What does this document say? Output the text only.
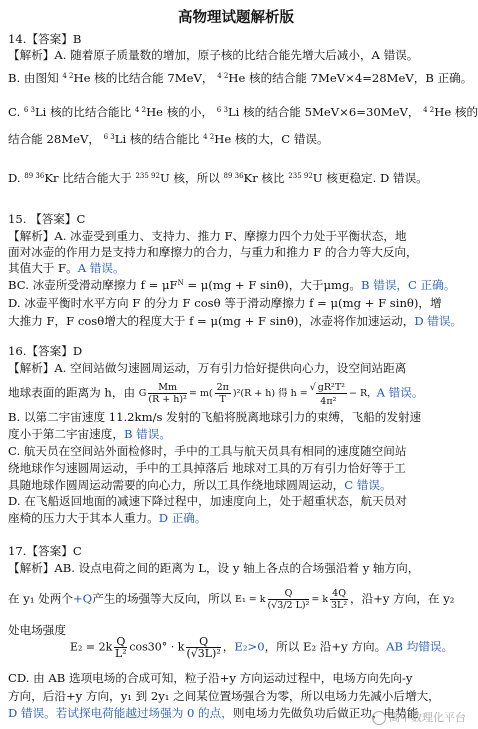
高物理试题解析版
14.【答案】B
【解析】A. 随着原子质量数的增加，原子核的比结合能先增大后减小，A 错误。
B. 由图知 $^{4 2}$He 核的比结合能 7MeV， $^{4 2}$He 核的结合能 7MeV×4=28MeV，B 正确。
C. $^{6 3}$Li 核的比结合能比 $^{4 2}$He 核的小， $^{6 3}$Li 核的结合能 5MeV×6=30MeV， $^{4 2}$He 核的
结合能 28MeV， $^{6 3}$Li 核的结合能比 $^{4 2}$He 核的大，C 错误。
D. $^{89 36}$Kr 比结合能大于 $^{235 92}$U 核，所以 $^{89 36}$Kr 核比 $^{235 92}$U 核更稳定. D 错误。
15. 【答案】C
【解析】A. 冰壶受到重力、支持力、推力 F、摩擦力四个力处于平衡状态，地
面对冰壶的作用力是支持力和摩擦力的合力，与重力和推力 F 的合力等大反向，
其值大于 F。A 错误。
BC. 冰壶所受滑动摩擦力 $f = \mu F^N = \mu(mg + F$ sinθ)，大于μmg。B 错误，C 正确。
D. 冰壶平衡时水平方向 F 的分力 F cosθ 等于滑动摩擦力 f = μ(mg + F sinθ)，增
大推力 F，F cosθ增大的程度大于 f = μ(mg + F sinθ)，冰壶将作加速运动，D 错误。
16.【答案】D
【解析】A. 空间站做匀速圆周运动，万有引力恰好提供向心力，设空间站距离
地球表面的距离为 h，由 G $\frac{Mm}{\text{(R + h)²}} = m( \frac{2\pi}{T} )^2(R + h)$ 得 h =√ gR²T²
4π²
− R，A 错误。
B. 以第二宇宙速度 11.2km/s 发射的飞船将脱离地球引力的束缚，飞船的发射速
度小于第二宇宙速度，B 错误。
C. 航天员在空间站外面检修时，手中的工具与航天员具有相同的速度随空间站
绕地球作匀速圆周运动，手中的工具掉落后 地球对工具的万有引力恰好等于工
具随地球作圆周运动需要的向心力，所以工具作绕地球圆周运动，C 错误。
D. 在飞船返回地面的减速下降过程中，加速度向上，处于超重状态，航天员对
座椅的压力大于其本人重力。D 正确。
17.【答案】C
【解析】AB. 设点电荷之间的距离为 L，设 y 轴上各点的合场强沿着 y 轴方向，
在 y₁ 处两个+Q产生的场强等大反向，所以 E₁ = k $\frac{Q}{\text{(√3/2 L)²}} = k \frac{4Q}{\text{3L²}}$ ，沿+y 方向，在 y₂
处电场强度
$E_2 = 2k \frac{Q}{\text{L²}} \cos 30^\circ \cdot k \frac{Q}{\text{(√3L)²}}$ ，E₂>0，所以 E₂ 沿+y 方向。AB 均错误。
CD. 由 AB 选项电场的合成可知，粒子沿+y 方向运动过程中，电场方向先向-y
方向，后沿+y 方向，y₁ 到 2y₁ 之间某位置场强合为零，所以电场力先减小后增大，
D 错误。若试探电荷能越过场强为 0 的点，则电场力先做负功后做正功，电势能
高中数理化平台
